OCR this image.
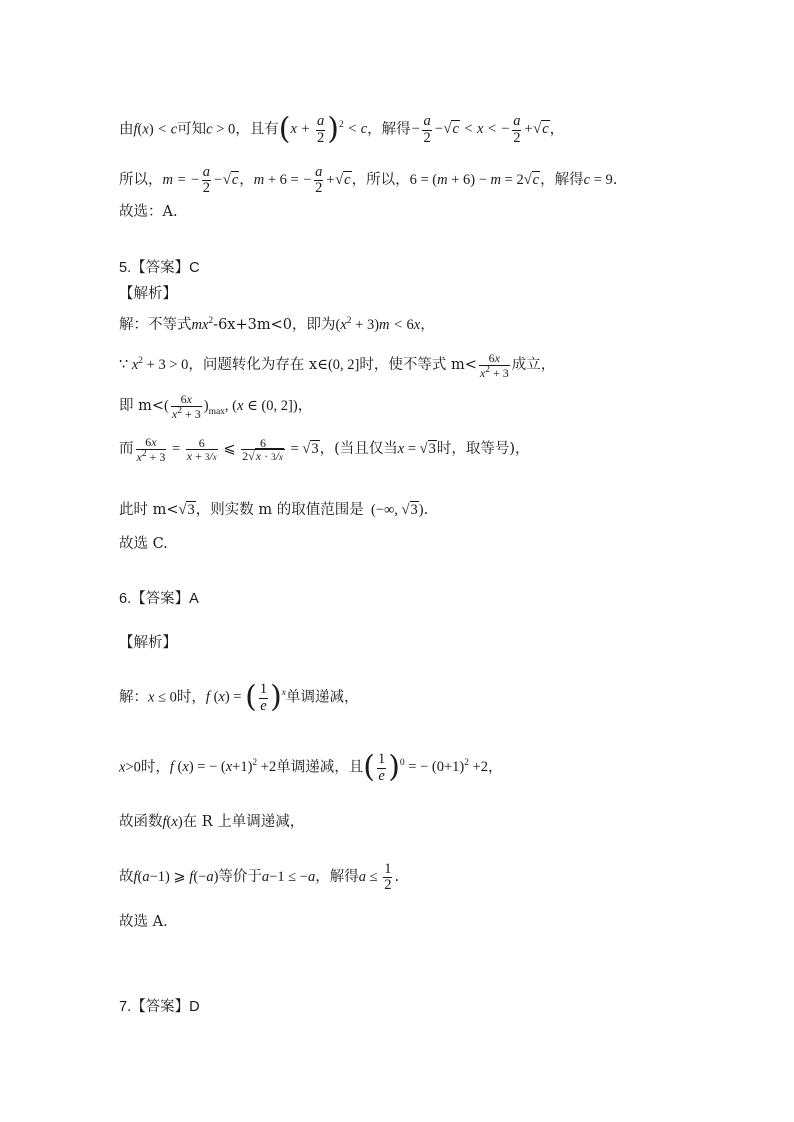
由f(x) < c可知c > 0，且有$(x + \frac{a}{2} )^2 < c$，解得− $\frac{a}{2} -√c < x$ < − $\frac{a}{2} +√c$，
所以，m = − $\frac{a}{2} -√c$，m + 6 = − $\frac{a}{2} +√c$，所以，6 = (m + 6) − m = 2√c，解得c = 9.
故选：A.
5.【答案】C
【解析】
解：不等式$mx^2-6x+3m<0$，即为$(x^2 + 3)m < 6x$，
∵ $x^2 + 3 > 0$，问题转化为存在 x∈(0, 2]时，使不等式 $m< \frac{6x}{x^2 + 3}$ 成立，
即 $m<( \frac{6x}{x^2 + 3} )_{max}$, (x ∈ (0, 2])，
而 $\frac{6x}{x^2 + 3} = \frac{6}{x + 3/x}$ ⩽ $\frac{6}{2√x \cdot 3/x} = √3$，(当且仅当x = √3时，取等号)，
此时 m<√3，则实数 m 的取值范围是  (−∞, √3).
故选 C.
6.【答案】A
【解析】
解：x ≤ 0时，f (x) = ( $\frac{1}{e} )^x$单调递减，
x>0时，f (x) = − $(x+1)^2 +2$单调递减，且( $\frac{1}{e} )^0$ = − $(0+1)^2 +2$，
故函数f(x)在 R 上单调递减，
故f(a−1) ⩾ f(−a)等价于a−1 ≤ −a，解得$a \le \frac{1}{2}$ .
故选 A.
7.【答案】D
